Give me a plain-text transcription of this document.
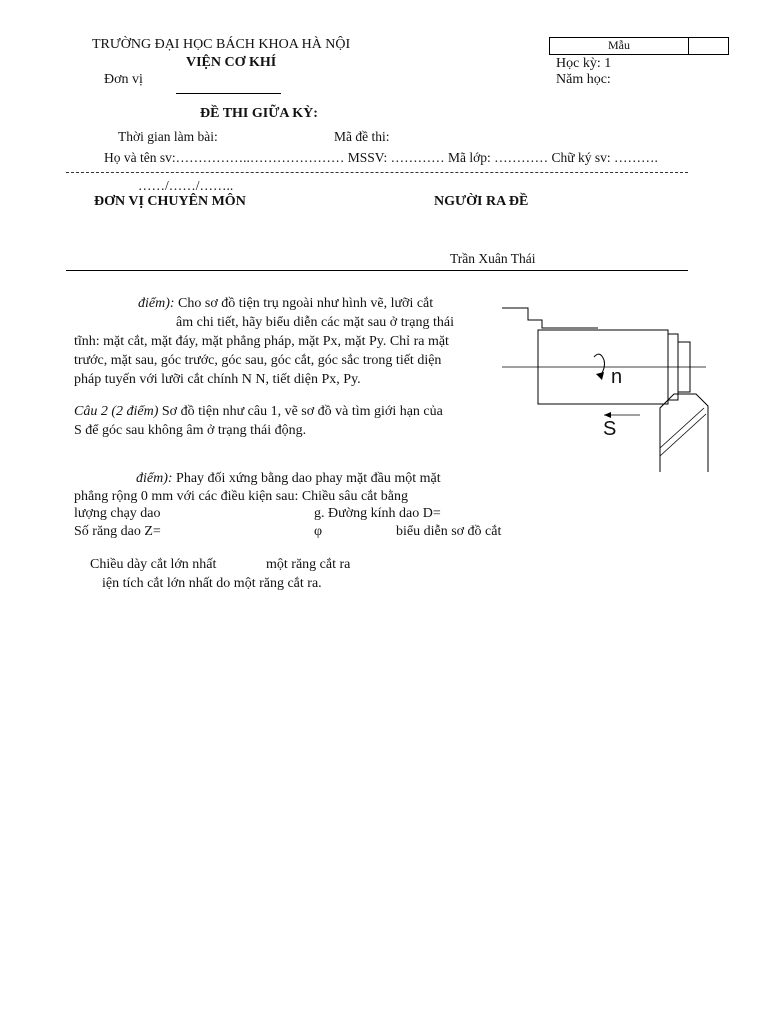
TRƯỜNG ĐẠI HỌC BÁCH KHOA HÀ NỘI
VIỆN CƠ KHÍ
Đơn vị
Mẫu
Học kỳ: 1
Năm học:
ĐỀ THI GIỮA KỲ:
Thời gian làm bài:	Mã đề thi:
Họ và tên sv:……………..………………… MSSV: ………… Mã lớp: ………… Chữ ký sv: ……….
……/……/……..
ĐƠN VỊ CHUYÊN MÔN	NGƯỜI RA ĐỀ
Trần Xuân Thái
điểm): Cho sơ đồ tiện trụ ngoài như hình vẽ, lưỡi cắt
âm chi tiết, hãy biểu diễn các mặt sau ở trạng thái
tĩnh: mặt cắt, mặt đáy, mặt phẳng pháp, mặt Px, mặt Py. Chỉ ra mặt
trước, mặt sau, góc trước, góc sau, góc cắt, góc sắc trong tiết diện
pháp tuyến với lưỡi cắt chính N N, tiết diện Px, Py.
Câu 2 (2 điểm) Sơ đồ tiện như câu 1, vẽ sơ đồ và tìm giới hạn của
S để góc sau không âm ở trạng thái động.
điểm): Phay đối xứng bằng dao phay mặt đầu một mặt
phẳng rộng 0 mm với các điều kiện sau: Chiều sâu cắt bằng
lượng chạy dao	g. Đường kính dao D=
Số răng dao Z=	φ	biểu diễn sơ đồ cắt
Chiều dày cắt lớn nhất	một răng cắt ra
iện tích cắt lớn nhất do một răng cắt ra.
n
S
